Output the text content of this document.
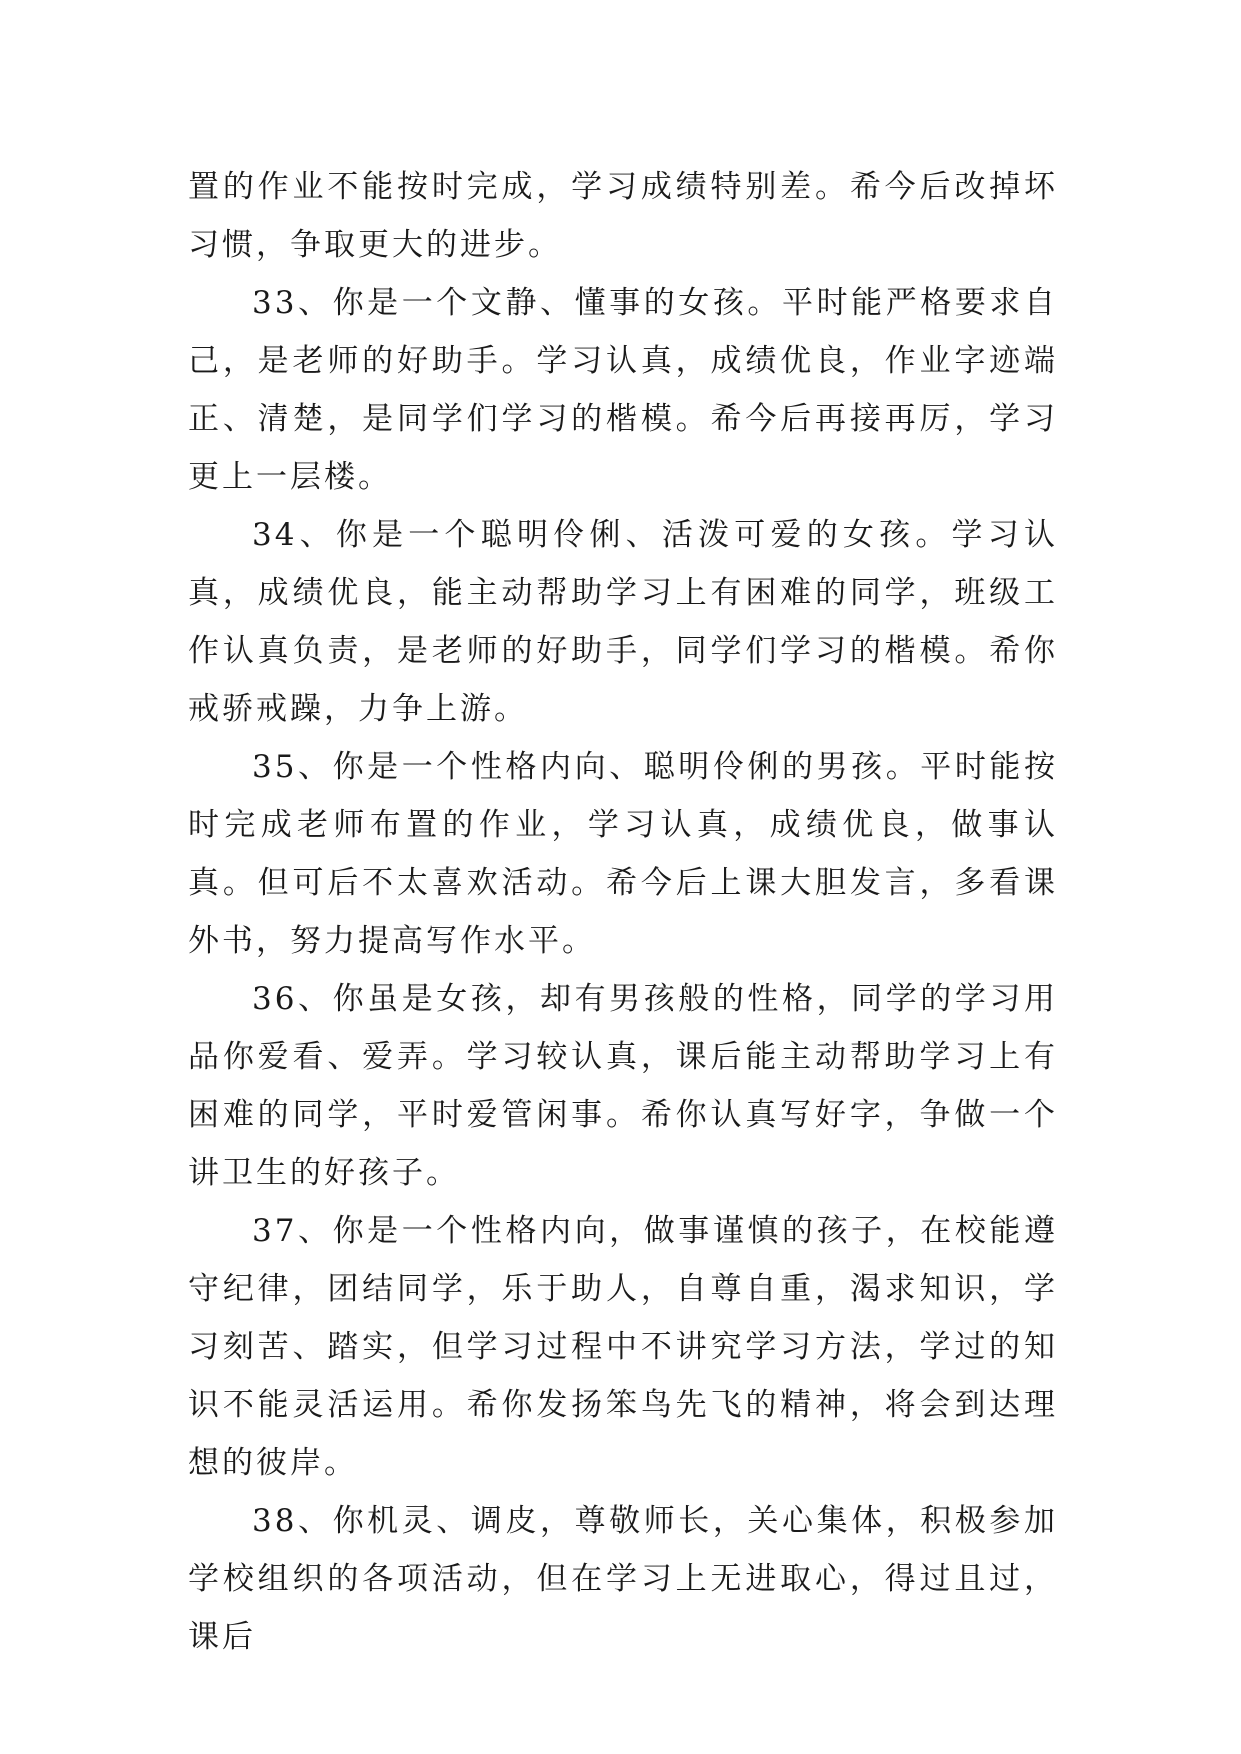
置的作业不能按时完成，学习成绩特别差。希今后改掉坏习惯，争取更大的进步。

33、你是一个文静、懂事的女孩。平时能严格要求自己，是老师的好助手。学习认真，成绩优良，作业字迹端正、清楚，是同学们学习的楷模。希今后再接再厉，学习更上一层楼。

34、你是一个聪明伶俐、活泼可爱的女孩。学习认真，成绩优良，能主动帮助学习上有困难的同学，班级工作认真负责，是老师的好助手，同学们学习的楷模。希你戒骄戒躁，力争上游。

35、你是一个性格内向、聪明伶俐的男孩。平时能按时完成老师布置的作业，学习认真，成绩优良，做事认真。但可后不太喜欢活动。希今后上课大胆发言，多看课外书，努力提高写作水平。

36、你虽是女孩，却有男孩般的性格，同学的学习用品你爱看、爱弄。学习较认真，课后能主动帮助学习上有困难的同学，平时爱管闲事。希你认真写好字，争做一个讲卫生的好孩子。

37、你是一个性格内向，做事谨慎的孩子，在校能遵守纪律，团结同学，乐于助人，自尊自重，渴求知识，学习刻苦、踏实，但学习过程中不讲究学习方法，学过的知识不能灵活运用。希你发扬笨鸟先飞的精神，将会到达理想的彼岸。

38、你机灵、调皮，尊敬师长，关心集体，积极参加学校组织的各项活动，但在学习上无进取心，得过且过，课后
